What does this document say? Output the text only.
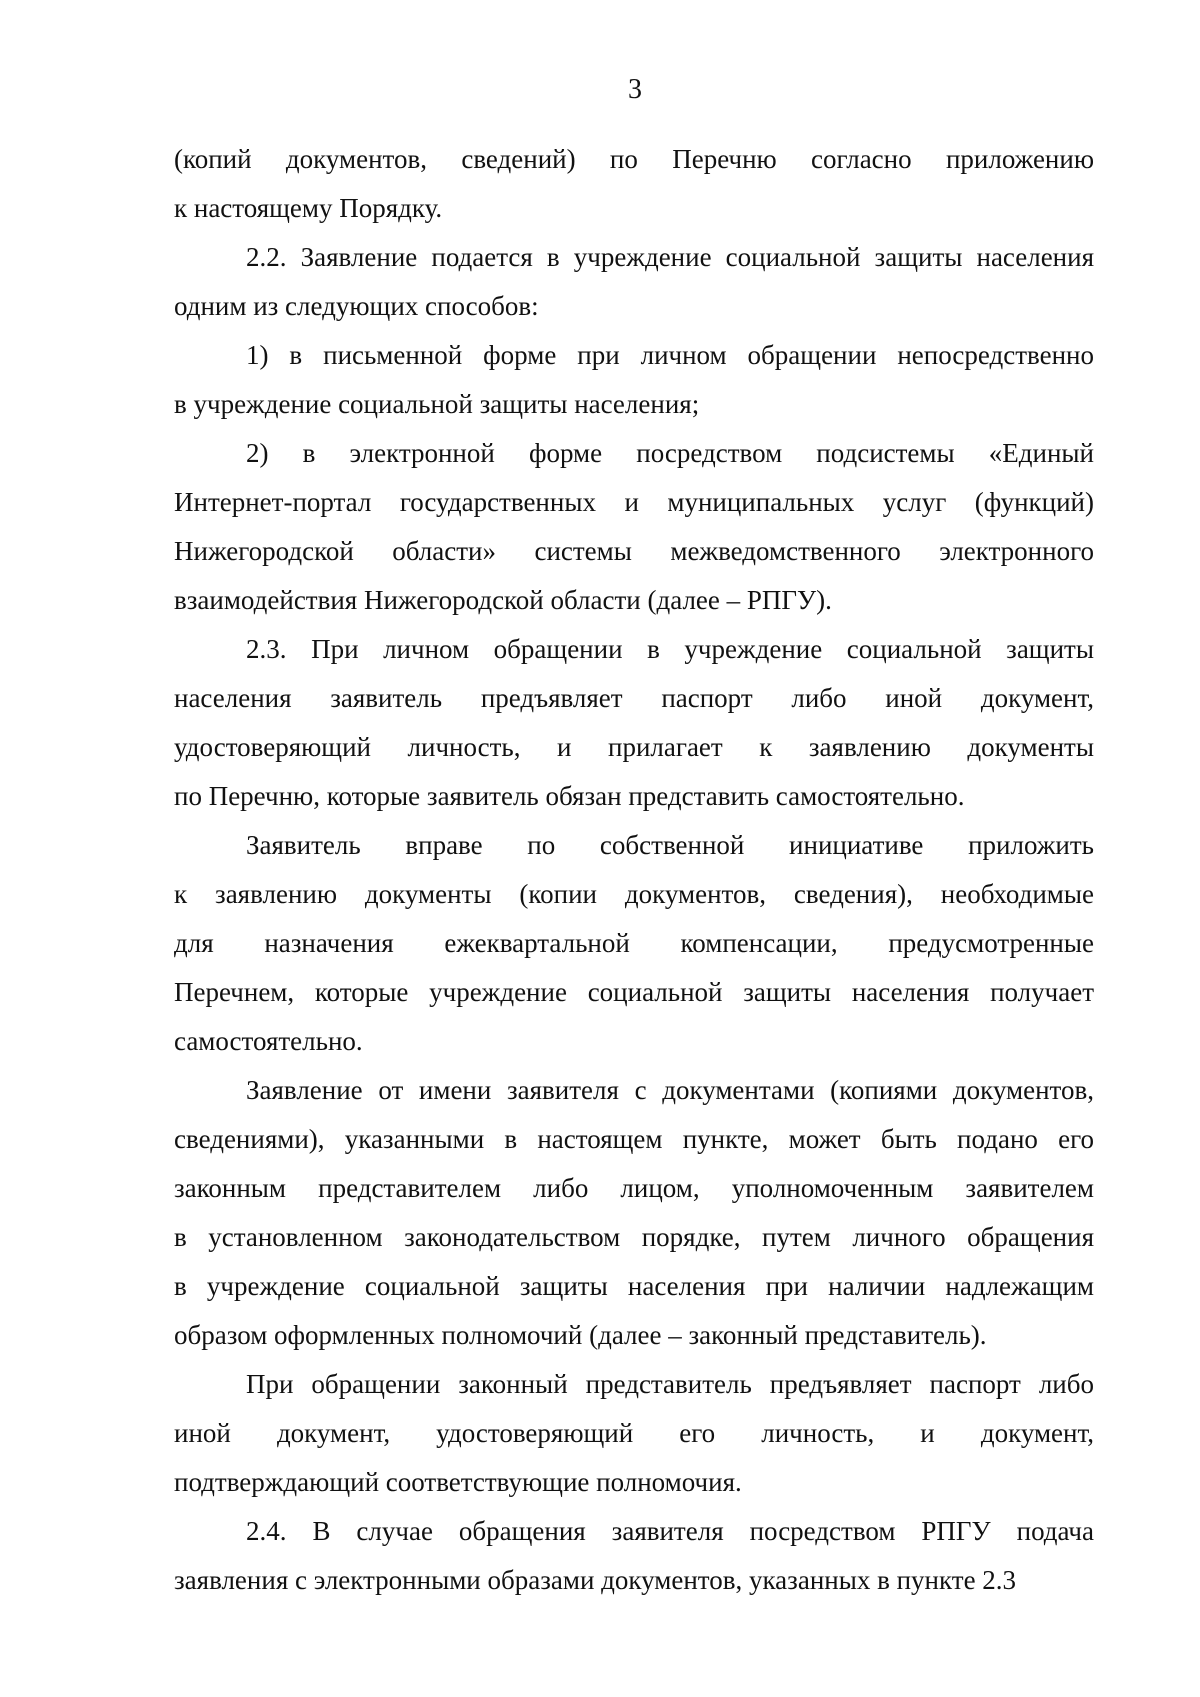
3
(копий документов, сведений) по Перечню согласно приложению
к настоящему Порядку.
2.2. Заявление подается в учреждение социальной защиты населения
одним из следующих способов:
1) в письменной форме при личном обращении непосредственно
в учреждение социальной защиты населения;
2) в электронной форме посредством подсистемы «Единый
Интернет-портал государственных и муниципальных услуг (функций)
Нижегородской области» системы межведомственного электронного
взаимодействия Нижегородской области (далее – РПГУ).
2.3. При личном обращении в учреждение социальной защиты
населения заявитель предъявляет паспорт либо иной документ,
удостоверяющий личность, и прилагает к заявлению документы
по Перечню, которые заявитель обязан представить самостоятельно.
Заявитель вправе по собственной инициативе приложить
к заявлению документы (копии документов, сведения), необходимые
для назначения ежеквартальной компенсации, предусмотренные
Перечнем, которые учреждение социальной защиты населения получает
самостоятельно.
Заявление от имени заявителя с документами (копиями документов,
сведениями), указанными в настоящем пункте, может быть подано его
законным представителем либо лицом, уполномоченным заявителем
в установленном законодательством порядке, путем личного обращения
в учреждение социальной защиты населения при наличии надлежащим
образом оформленных полномочий (далее – законный представитель).
При обращении законный представитель предъявляет паспорт либо
иной документ, удостоверяющий его личность, и документ,
подтверждающий соответствующие полномочия.
2.4. В случае обращения заявителя посредством РПГУ подача
заявления с электронными образами документов, указанных в пункте 2.3
